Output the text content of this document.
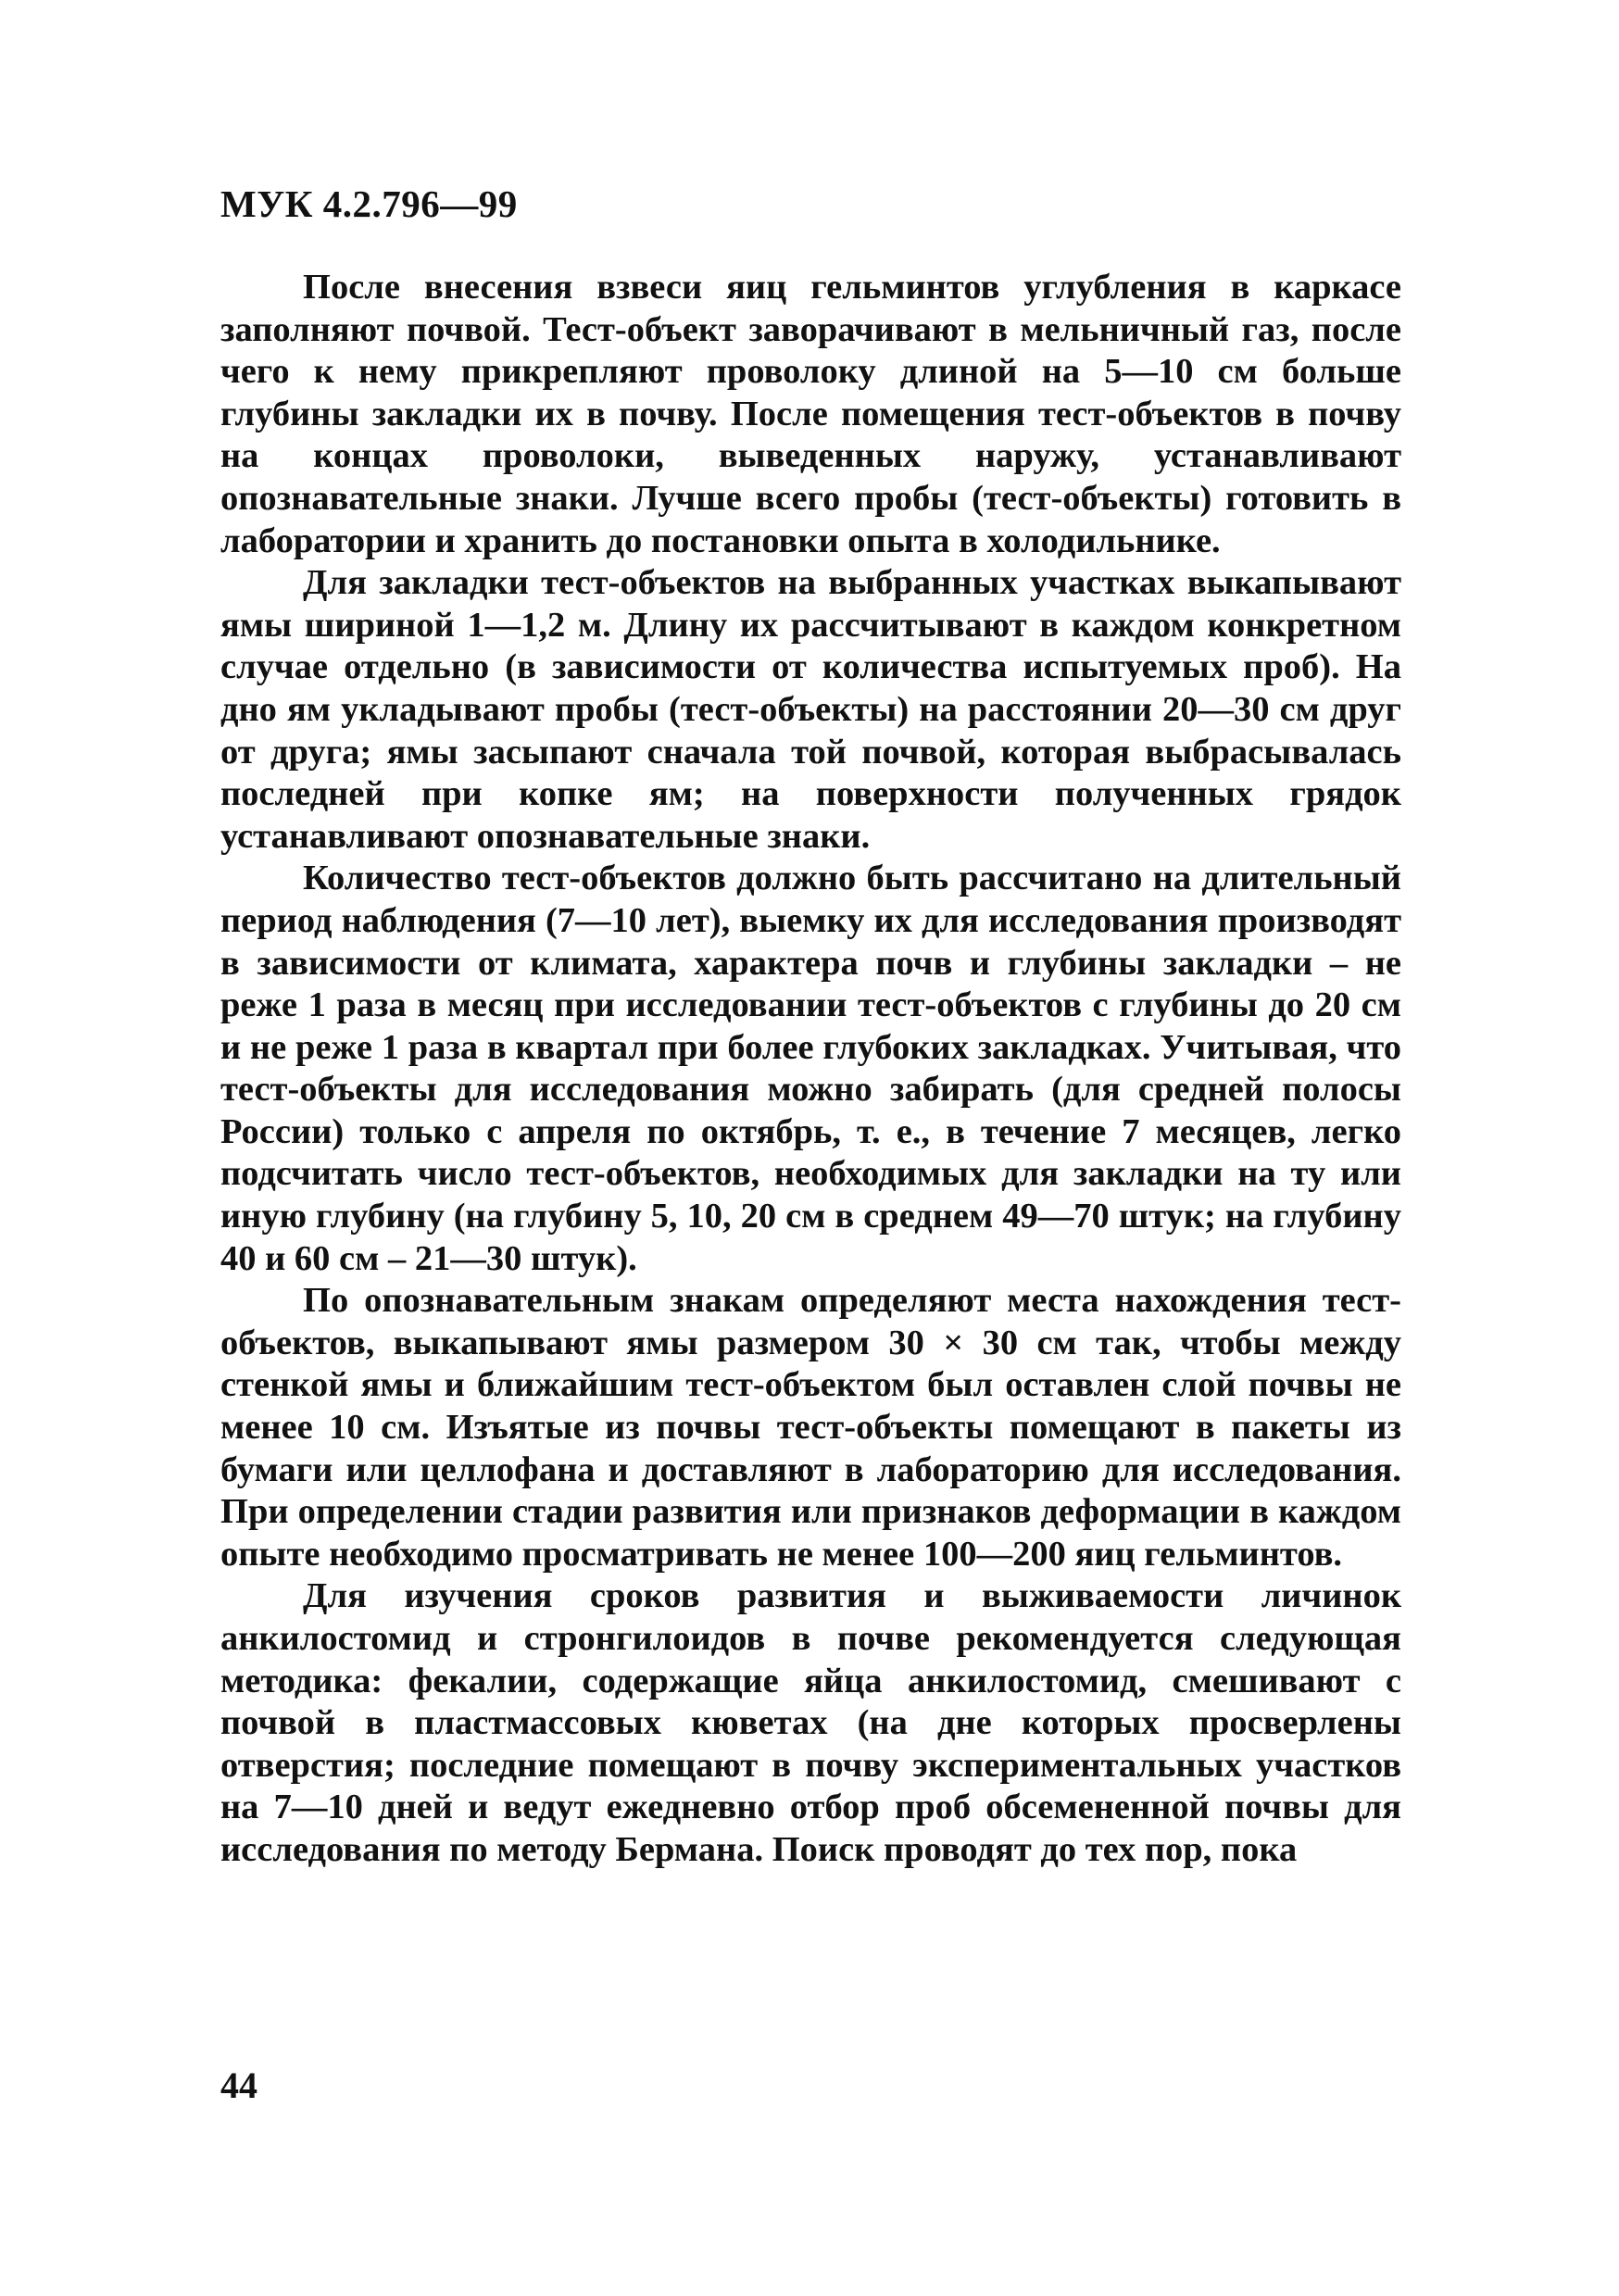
МУК 4.2.796—99

После внесения взвеси яиц гельминтов углубления в каркасе заполняют почвой. Тест-объект заворачивают в мельничный газ, после чего к нему прикрепляют проволоку длиной на 5—10 см больше глубины закладки их в почву. После помещения тест-объектов в почву на концах проволоки, выведенных наружу, устанавливают опознавательные знаки. Лучше всего пробы (тест-объекты) готовить в лаборатории и хранить до постановки опыта в холодильнике.

Для закладки тест-объектов на выбранных участках выкапывают ямы шириной 1—1,2 м. Длину их рассчитывают в каждом конкретном случае отдельно (в зависимости от количества испытуемых проб). На дно ям укладывают пробы (тест-объекты) на расстоянии 20—30 см друг от друга; ямы засыпают сначала той почвой, которая выбрасывалась последней при копке ям; на поверхности полученных грядок устанавливают опознавательные знаки.

Количество тест-объектов должно быть рассчитано на длительный период наблюдения (7—10 лет), выемку их для исследования производят в зависимости от климата, характера почв и глубины закладки – не реже 1 раза в месяц при исследовании тест-объектов с глубины до 20 см и не реже 1 раза в квартал при более глубоких закладках. Учитывая, что тест-объекты для исследования можно забирать (для средней полосы России) только с апреля по октябрь, т. е., в течение 7 месяцев, легко подсчитать число тест-объектов, необходимых для закладки на ту или иную глубину (на глубину 5, 10, 20 см в среднем 49—70 штук; на глубину 40 и 60 см – 21—30 штук).

По опознавательным знакам определяют места нахождения тест-объектов, выкапывают ямы размером 30 × 30 см так, чтобы между стенкой ямы и ближайшим тест-объектом был оставлен слой почвы не менее 10 см. Изъятые из почвы тест-объекты помещают в пакеты из бумаги или целлофана и доставляют в лабораторию для исследования. При определении стадии развития или признаков деформации в каждом опыте необходимо просматривать не менее 100—200 яиц гельминтов.

Для изучения сроков развития и выживаемости личинок анкилостомид и стронгилоидов в почве рекомендуется следующая методика: фекалии, содержащие яйца анкилостомид, смешивают с почвой в пластмассовых кюветах (на дне которых просверлены отверстия; последние помещают в почву экспериментальных участков на 7—10 дней и ведут ежедневно отбор проб обсемененной почвы для исследования по методу Бермана. Поиск проводят до тех пор, пока

44
